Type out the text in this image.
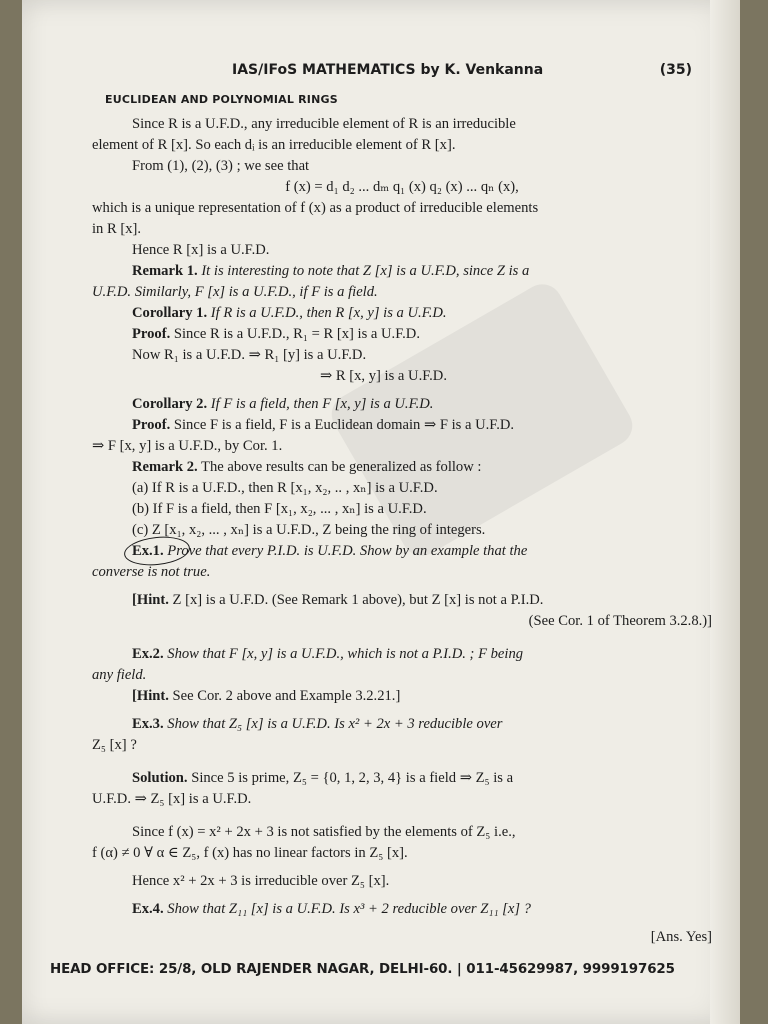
IAS/IFoS MATHEMATICS by K. Venkanna	(35)
EUCLIDEAN AND POLYNOMIAL RINGS

Since R is a U.F.D., any irreducible element of R is an irreducible

element of R [x]. So each dᵢ is an irreducible element of R [x].

From (1), (2), (3) ; we see that

f (x) = d₁ d₂ ... dₘ q₁ (x) q₂ (x) ... qₙ (x),

which is a unique representation of f (x) as a product of irreducible elements

in R [x].

Hence R [x] is a U.F.D.

Remark 1. It is interesting to note that Z [x] is a U.F.D, since Z is a

U.F.D. Similarly, F [x] is a U.F.D., if F is a field.

Corollary 1. If R is a U.F.D., then R [x, y] is a U.F.D.

Proof. Since R is a U.F.D., R₁ = R [x] is a U.F.D.

Now R₁ is a U.F.D. ⇒ R₁ [y] is a U.F.D.

⇒ R [x, y] is a U.F.D.

Corollary 2. If F is a field, then F [x, y] is a U.F.D.

Proof. Since F is a field, F is a Euclidean domain ⇒ F is a U.F.D.

⇒ F [x, y] is a U.F.D., by Cor. 1.

Remark 2. The above results can be generalized as follow :

(a) If R is a U.F.D., then R [x₁, x₂, .. , xₙ] is a U.F.D.

(b) If F is a field, then F [x₁, x₂, ... , xₙ] is a U.F.D.

(c) Z [x₁, x₂, ... , xₙ] is a U.F.D., Z being the ring of integers.

Ex.1. Prove that every P.I.D. is U.F.D. Show by an example that the

converse is not true.

[Hint. Z [x] is a U.F.D. (See Remark 1 above), but Z [x] is not a P.I.D.

(See Cor. 1 of Theorem 3.2.8.)]

Ex.2. Show that F [x, y] is a U.F.D., which is not a P.I.D. ; F being

any field.

[Hint. See Cor. 2 above and Example 3.2.21.]

Ex.3. Show that Z₅ [x] is a U.F.D. Is x² + 2x + 3 reducible over

Z₅ [x] ?

Solution. Since 5 is prime, Z₅ = {0, 1, 2, 3, 4} is a field ⇒ Z₅ is a

U.F.D. ⇒ Z₅ [x] is a U.F.D.

Since f (x) = x² + 2x + 3 is not satisfied by the elements of Z₅ i.e.,

f (α) ≠ 0 ∀ α ∈ Z₅, f (x) has no linear factors in Z₅ [x].

Hence x² + 2x + 3 is irreducible over Z₅ [x].

Ex.4. Show that Z₁₁ [x] is a U.F.D. Is x³ + 2 reducible over Z₁₁ [x] ?

[Ans. Yes]

HEAD OFFICE: 25/8, OLD RAJENDER NAGAR, DELHI-60. | 011-45629987, 9999197625
